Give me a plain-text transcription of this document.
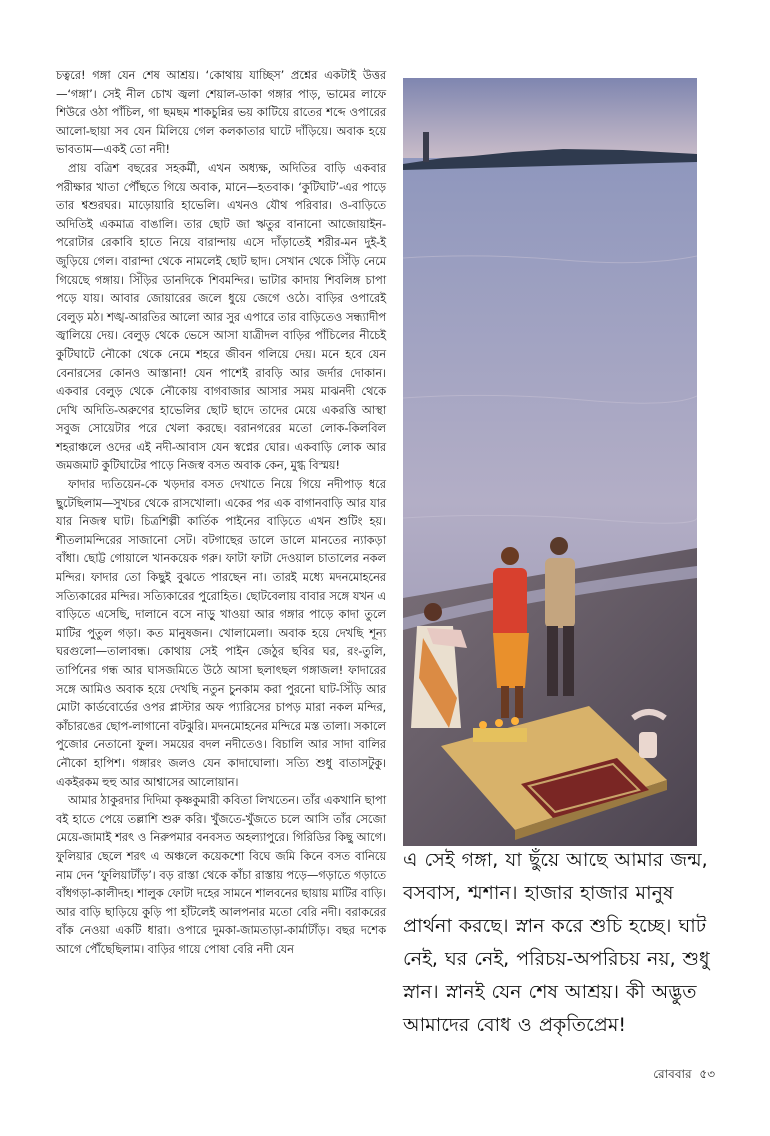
চত্বরে! গঙ্গা যেন শেষ আশ্রয়। ‘কোথায় যাচ্ছিস’ প্রশ্নের একটাই উত্তর—‘গঙ্গা’। সেই নীল চোখ জ্বলা শেয়াল-ডাকা গঙ্গার পাড়, ভামের লাফে শিউরে ওঠা পাঁচিল, গা ছমছম শাকচুন্নির ভয় কাটিয়ে রাতের শব্দে ওপারের আলো-ছায়া সব যেন মিলিয়ে গেল কলকাতার ঘাটে দাঁড়িয়ে। অবাক হয়ে ভাবতাম—একই তো নদী!

প্রায় বত্রিশ বছরের সহকর্মী, এখন অধ্যক্ষ, অদিতির বাড়ি একবার পরীক্ষার খাতা পৌঁছতে গিয়ে অবাক, মানে—হতবাক। ‘কুটিঘাট’-এর পাড়ে তার শ্বশুরঘর। মাড়োয়ারি হাভেলি। এখনও যৌথ পরিবার। ও-বাড়িতে অদিতিই একমাত্র বাঙালি। তার ছোট জা ঋতুর বানানো আজোয়াইন-পরোটার রেকাবি হাতে নিয়ে বারান্দায় এসে দাঁড়াতেই শরীর-মন দুই-ই জুড়িয়ে গেল। বারান্দা থেকে নামলেই ছোট ছাদ। সেখান থেকে সিঁড়ি নেমে গিয়েছে গঙ্গায়। সিঁড়ির ডানদিকে শিবমন্দির। ভাটার কাদায় শিবলিঙ্গ চাপা পড়ে যায়। আবার জোয়ারের জলে ধুয়ে জেগে ওঠে। বাড়ির ওপারেই বেলুড় মঠ। শঙ্খ-আরতির আলো আর সুর এপারে তার বাড়িতেও সন্ধ্যাদীপ জ্বালিয়ে দেয়। বেলুড় থেকে ভেসে আসা যাত্রীদল বাড়ির পাঁচিলের নীচেই কুটিঘাটে নৌকো থেকে নেমে শহরে জীবন গলিয়ে দেয়। মনে হবে যেন বেনারসের কোনও আস্তানা! যেন পাশেই রাবড়ি আর জর্দার দোকান। একবার বেলুড় থেকে নৌকোয় বাগবাজার আসার সময় মাঝনদী থেকে দেখি অদিতি-অরুণের হাভেলির ছোট ছাদে তাদের মেয়ে একরত্তি আস্থা সবুজ সোয়েটার পরে খেলা করছে। বরানগরের মতো লোক-কিলবিল শহরাঞ্চলে ওদের এই নদী-আবাস যেন স্বপ্নের ঘোর। একবাড়ি লোক আর জমজমাট কুটিঘাটের পাড়ে নিজস্ব বসত অবাক কেন, মুগ্ধ বিস্ময়!

ফাদার দ্যতিয়েন-কে খড়দার বসত দেখাতে নিয়ে গিয়ে নদীপাড় ধরে ছুটেছিলাম—সুখচর থেকে রাসখোলা। একের পর এক বাগানবাড়ি আর যার যার নিজস্ব ঘাট। চিত্রশিল্পী কার্তিক পাইনের বাড়িতে এখন শুটিং হয়। শীতলামন্দিরের সাজানো সেট। বটগাছের ডালে ডালে মানতের ন্যাকড়া বাঁধা। ছোট্ট গোয়ালে খানকয়েক গরু। ফাটা ফাটা দেওয়াল চাতালের নকল মন্দির। ফাদার তো কিছুই বুঝতে পারছেন না। তারই মধ্যে মদনমোহনের সত্যিকারের মন্দির। সত্যিকারের পুরোহিত। ছোটবেলায় বাবার সঙ্গে যখন এ বাড়িতে এসেছি, দালানে বসে নাড়ু খাওয়া আর গঙ্গার পাড়ে কাদা তুলে মাটির পুতুল গড়া। কত মানুষজন। খোলামেলা। অবাক হয়ে দেখছি শূন্য ঘরগুলো—তালাবন্ধ। কোথায় সেই পাইন জেঠুর ছবির ঘর, রং-তুলি, তার্পিনের গন্ধ আর ঘাসজমিতে উঠে আসা ছলাৎছল গঙ্গাজল! ফাদারের সঙ্গে আমিও অবাক হয়ে দেখছি নতুন চুনকাম করা পুরনো ঘাট-সিঁড়ি আর মোটা কার্ডবোর্ডের ওপর প্লাস্টার অফ প্যারিসের চাপড় মারা নকল মন্দির, কাঁচারঙের ছোপ-লাগানো বটঝুরি। মদনমোহনের মন্দিরে মস্ত তালা। সকালে পুজোর নেতানো ফুল। সময়ের বদল নদীতেও। বিচালি আর সাদা বালির নৌকো হাপিশ। গঙ্গারং জলও যেন কাদাঘোলা। সত্যি শুধু বাতাসটুকু। একইরকম হুহু আর আশ্বাসের আলোয়ান।

আমার ঠাকুরদার দিদিমা কৃষ্ণকুমারী কবিতা লিখতেন। তাঁর একখানি ছাপা বই হাতে পেয়ে তল্লাশি শুরু করি। খুঁজতে-খুঁজতে চলে আসি তাঁর সেজো মেয়ে-জামাই শরৎ ও নিরুপমার বনবসত অহল্যাপুরে। গিরিডির কিছু আগে। ফুলিয়ার ছেলে শরৎ এ অঞ্চলে কয়েকশো বিঘে জমি কিনে বসত বানিয়ে নাম দেন ‘ফুলিয়াটাঁড়’। বড় রাস্তা থেকে কাঁচা রাস্তায় পড়ে—গড়াতে গড়াতে বাঁধগড়া-কালীদহ। শালুক ফোটা দহের সামনে শালবনের ছায়ায় মাটির বাড়ি। আর বাড়ি ছাড়িয়ে কুড়ি পা হাঁটলেই আলপনার মতো বেরি নদী। বরাকরের বাঁক নেওয়া একটি ধারা। ওপারে দুমকা-জামতাড়া-কার্মাটাঁড়। বছর দশেক আগে পৌঁছেছিলাম। বাড়ির গায়ে পোষা বেরি নদী যেন

এ সেই গঙ্গা, যা ছুঁয়ে আছে আমার জন্ম, বসবাস, শ্মশান। হাজার হাজার মানুষ প্রার্থনা করছে। স্নান করে শুচি হচ্ছে। ঘাট নেই, ঘর নেই, পরিচয়-অপরিচয় নয়, শুধু স্নান। স্নানই যেন শেষ আশ্রয়। কী অদ্ভুত আমাদের বোধ ও প্রকৃতিপ্রেম!
রোববার ৫৩
